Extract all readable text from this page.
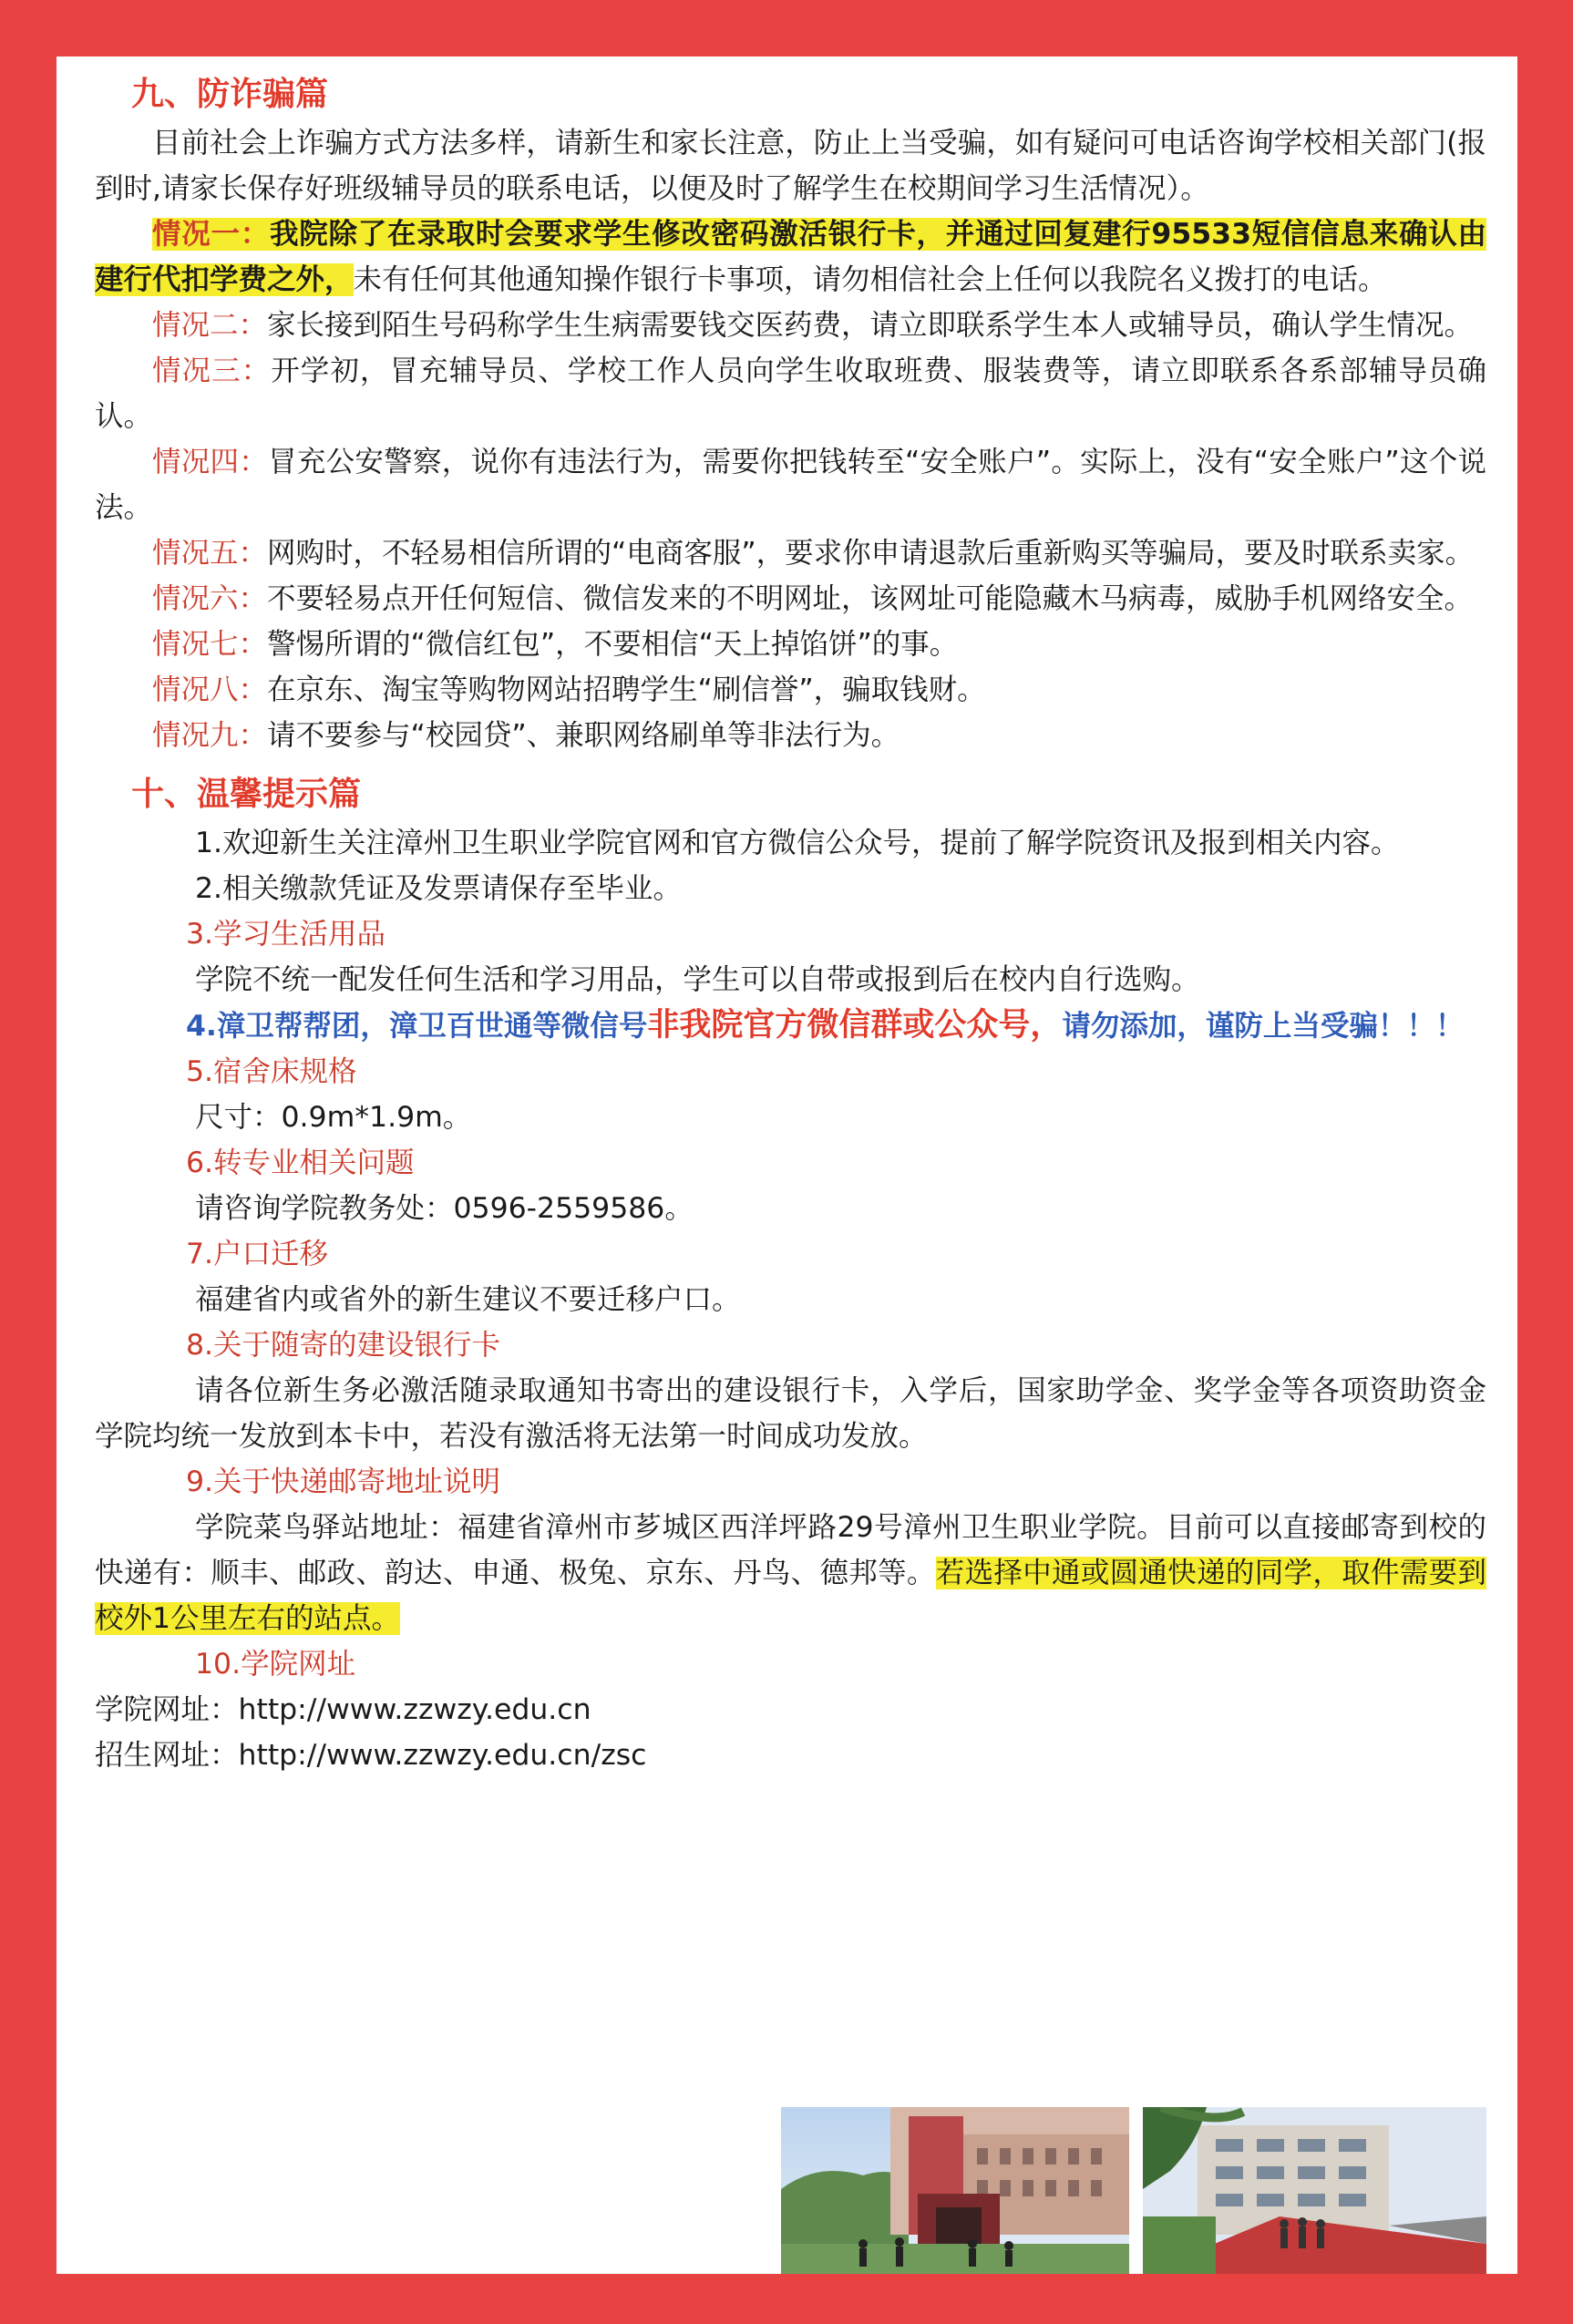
九、防诈骗篇

目前社会上诈骗方式方法多样，请新生和家长注意，防止上当受骗，如有疑问可电话咨询学校相关部门(报到时,请家长保存好班级辅导员的联系电话，以便及时了解学生在校期间学习生活情况）。

情况一：我院除了在录取时会要求学生修改密码激活银行卡，并通过回复建行95533短信信息来确认由建行代扣学费之外，未有任何其他通知操作银行卡事项，请勿相信社会上任何以我院名义拨打的电话。

情况二：家长接到陌生号码称学生生病需要钱交医药费，请立即联系学生本人或辅导员，确认学生情况。

情况三：开学初，冒充辅导员、学校工作人员向学生收取班费、服装费等，请立即联系各系部辅导员确认。

情况四：冒充公安警察，说你有违法行为，需要你把钱转至“安全账户”。实际上，没有“安全账户”这个说法。

情况五：网购时，不轻易相信所谓的“电商客服”，要求你申请退款后重新购买等骗局，要及时联系卖家。

情况六：不要轻易点开任何短信、微信发来的不明网址，该网址可能隐藏木马病毒，威胁手机网络安全。

情况七：警惕所谓的“微信红包”，不要相信“天上掉馅饼”的事。

情况八：在京东、淘宝等购物网站招聘学生“刷信誉”，骗取钱财。

情况九：请不要参与“校园贷”、兼职网络刷单等非法行为。

十、温馨提示篇

1.欢迎新生关注漳州卫生职业学院官网和官方微信公众号，提前了解学院资讯及报到相关内容。

2.相关缴款凭证及发票请保存至毕业。

3.学习生活用品

学院不统一配发任何生活和学习用品，学生可以自带或报到后在校内自行选购。

4.漳卫帮帮团，漳卫百世通等微信号非我院官方微信群或公众号，请勿添加，谨防上当受骗！！！

5.宿舍床规格

尺寸：0.9m*1.9m。

6.转专业相关问题

请咨询学院教务处：0596-2559586。

7.户口迁移

福建省内或省外的新生建议不要迁移户口。

8.关于随寄的建设银行卡

请各位新生务必激活随录取通知书寄出的建设银行卡，入学后，国家助学金、奖学金等各项资助资金学院均统一发放到本卡中，若没有激活将无法第一时间成功发放。

9.关于快递邮寄地址说明

学院菜鸟驿站地址：福建省漳州市芗城区西洋坪路29号漳州卫生职业学院。目前可以直接邮寄到校的快递有：顺丰、邮政、韵达、申通、极兔、京东、丹鸟、德邦等。若选择中通或圆通快递的同学，取件需要到校外1公里左右的站点。

10.学院网址

学院网址：http://www.zzwzy.edu.cn

招生网址：http://www.zzwzy.edu.cn/zsc
